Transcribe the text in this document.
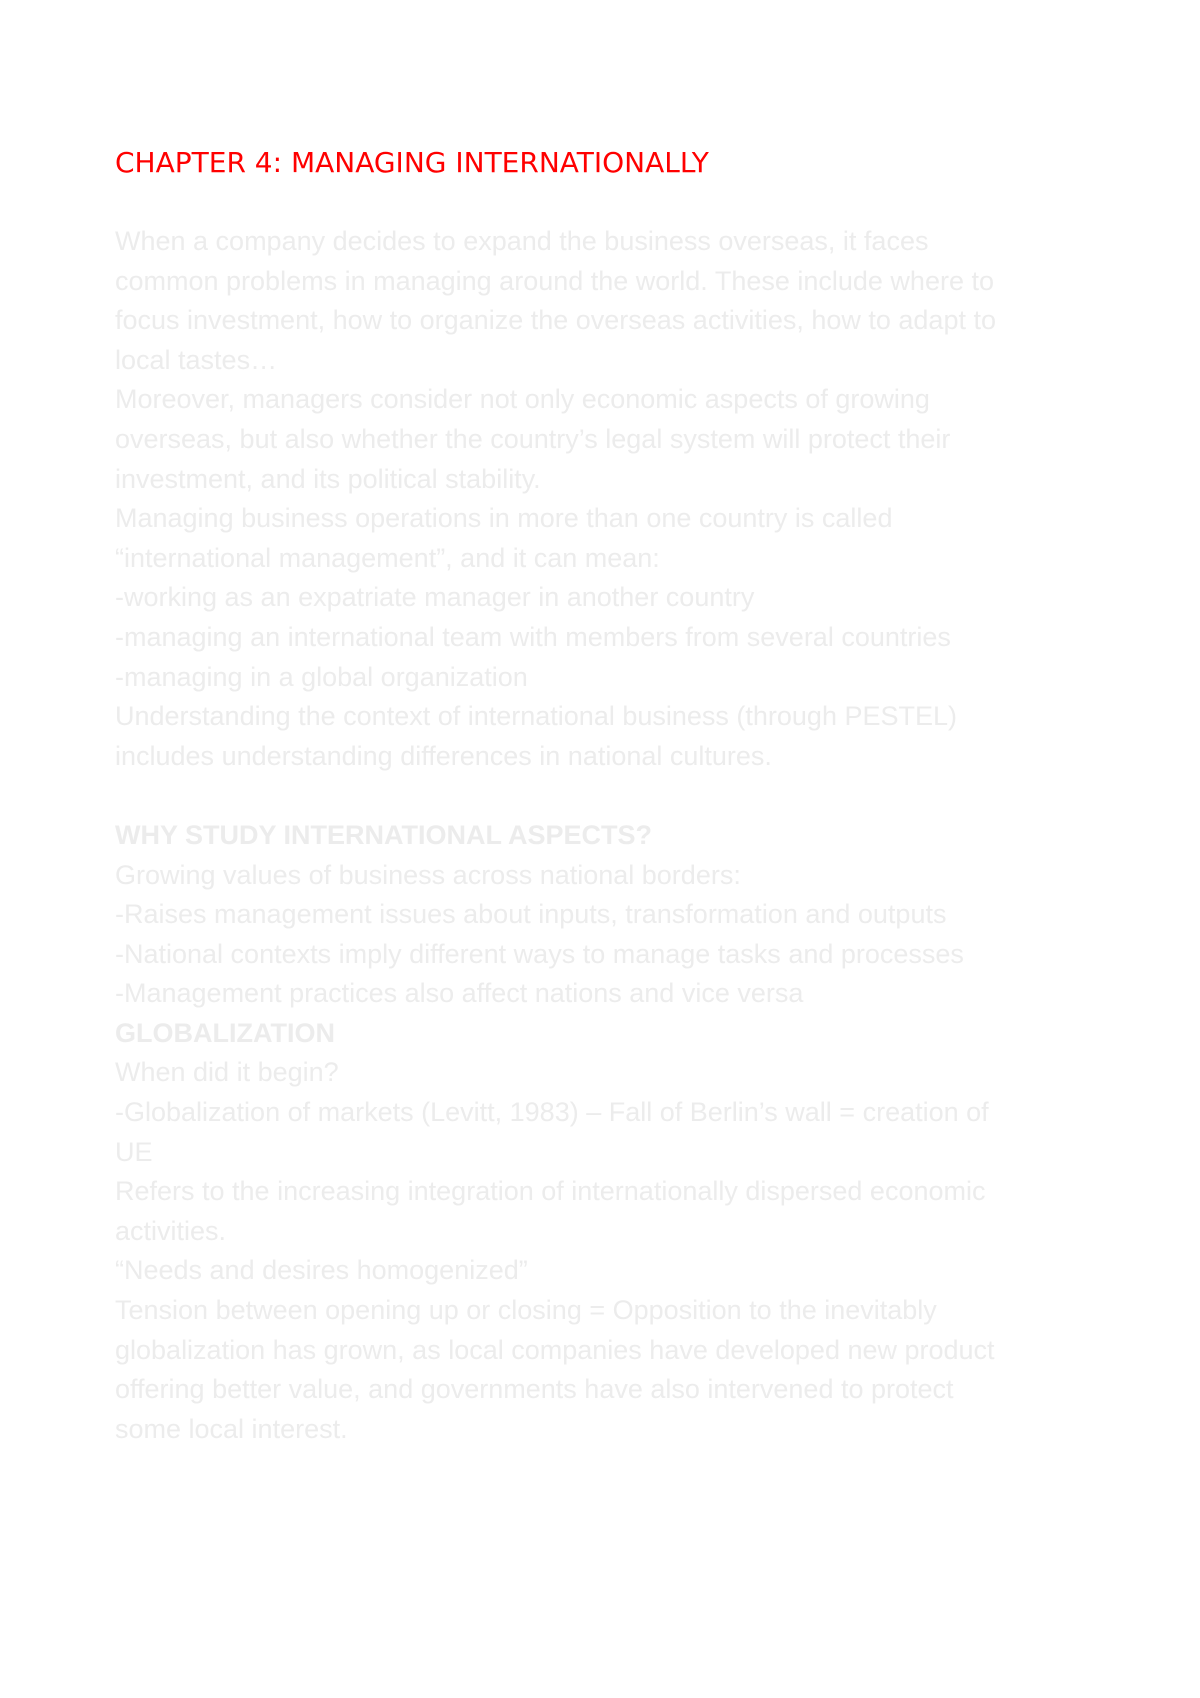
CHAPTER 4: MANAGING INTERNATIONALLY
When a company decides to expand the business overseas, it faces
common problems in managing around the world. These include where to
focus investment, how to organize the overseas activities, how to adapt to
local tastes…
Moreover, managers consider not only economic aspects of growing
overseas, but also whether the country’s legal system will protect their
investment, and its political stability.
Managing business operations in more than one country is called
“international management”, and it can mean:
-working as an expatriate manager in another country
-managing an international team with members from several countries
-managing in a global organization
Understanding the context of international business (through PESTEL)
includes understanding differences in national cultures.
WHY STUDY INTERNATIONAL ASPECTS?
Growing values of business across national borders:
-Raises management issues about inputs, transformation and outputs
-National contexts imply different ways to manage tasks and processes
-Management practices also affect nations and vice versa
GLOBALIZATION
When did it begin?
-Globalization of markets (Levitt, 1983) – Fall of Berlin’s wall = creation of
UE
Refers to the increasing integration of internationally dispersed economic
activities.
“Needs and desires homogenized”
Tension between opening up or closing = Opposition to the inevitably
globalization has grown, as local companies have developed new product
offering better value, and governments have also intervened to protect
some local interest.
